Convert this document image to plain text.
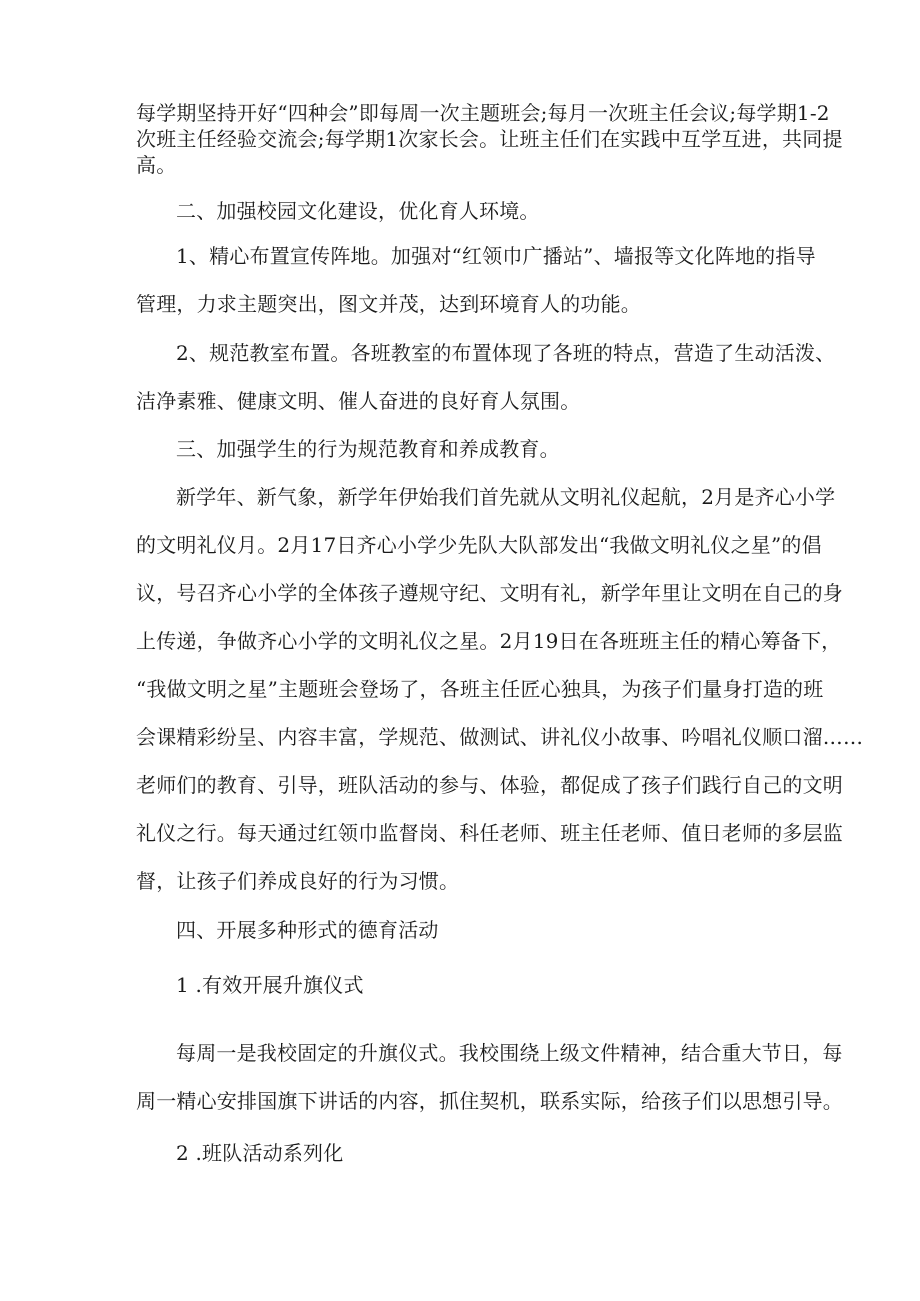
每学期坚持开好“四种会”即每周一次主题班会;每月一次班主任会议;每学期1-2
次班主任经验交流会;每学期1次家长会。让班主任们在实践中互学互进，共同提
高。
二、加强校园文化建设，优化育人环境。
1、精心布置宣传阵地。加强对“红领巾广播站”、墙报等文化阵地的指导
管理，力求主题突出，图文并茂，达到环境育人的功能。
2、规范教室布置。各班教室的布置体现了各班的特点，营造了生动活泼、
洁净素雅、健康文明、催人奋进的良好育人氛围。
三、加强学生的行为规范教育和养成教育。
新学年、新气象，新学年伊始我们首先就从文明礼仪起航，2月是齐心小学
的文明礼仪月。2月17日齐心小学少先队大队部发出“我做文明礼仪之星”的倡
议，号召齐心小学的全体孩子遵规守纪、文明有礼，新学年里让文明在自己的身
上传递，争做齐心小学的文明礼仪之星。2月19日在各班班主任的精心筹备下，
“我做文明之星”主题班会登场了，各班主任匠心独具，为孩子们量身打造的班
会课精彩纷呈、内容丰富，学规范、做测试、讲礼仪小故事、吟唱礼仪顺口溜……
老师们的教育、引导，班队活动的参与、体验，都促成了孩子们践行自己的文明
礼仪之行。每天通过红领巾监督岗、科任老师、班主任老师、值日老师的多层监
督，让孩子们养成良好的行为习惯。
四、开展多种形式的德育活动
1 .有效开展升旗仪式
每周一是我校固定的升旗仪式。我校围绕上级文件精神，结合重大节日，每
周一精心安排国旗下讲话的内容，抓住契机，联系实际，给孩子们以思想引导。
2 .班队活动系列化
